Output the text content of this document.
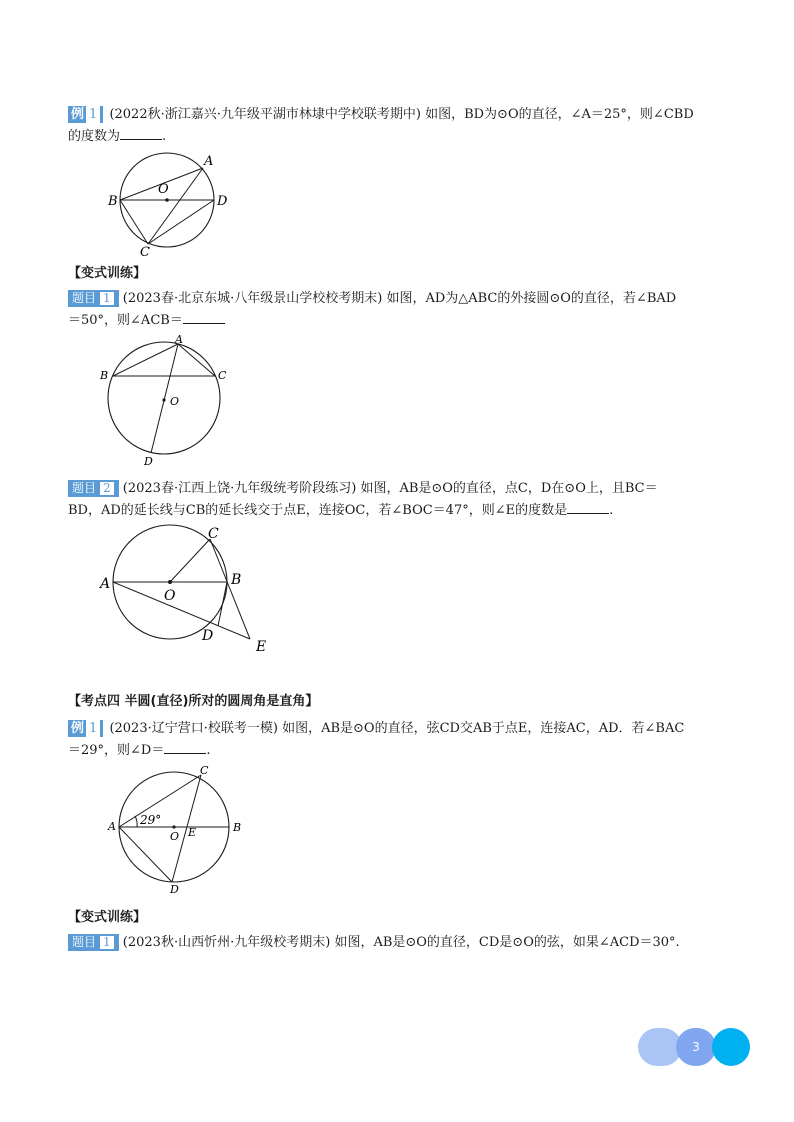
例 1 (2022秋·浙江嘉兴·九年级平湖市林埭中学校联考期中) 如图，BD为⊙O的直径，∠A＝25°，则∠CBD
的度数为	.
A
B
C
D
O
【变式训练】
题目 1 (2023春·北京东城·八年级景山学校校考期末) 如图，AD为△ABC的外接圆⊙O的直径，若∠BAD
＝50°，则∠ACB＝
A
B	C
D
O
题目 2 (2023春·江西上饶·九年级统考阶段练习) 如图，AB是⊙O的直径，点C，D在⊙O上，且BC＝
BD，AD的延长线与CB的延长线交于点E，连接OC，若∠BOC＝47°，则∠E的度数是	.
C
A	B
O
D
E
【考点四 半圆(直径)所对的圆周角是直角】
例 1 (2023·辽宁营口·校联考一模) 如图，AB是⊙O的直径，弦CD交AB于点E，连接AC，AD．若∠BAC
＝29°，则∠D＝	.
C
A	B
O E
D
29°
【变式训练】
题目 1 (2023秋·山西忻州·九年级校考期末) 如图，AB是⊙O的直径，CD是⊙O的弦，如果∠ACD＝30°.
3
